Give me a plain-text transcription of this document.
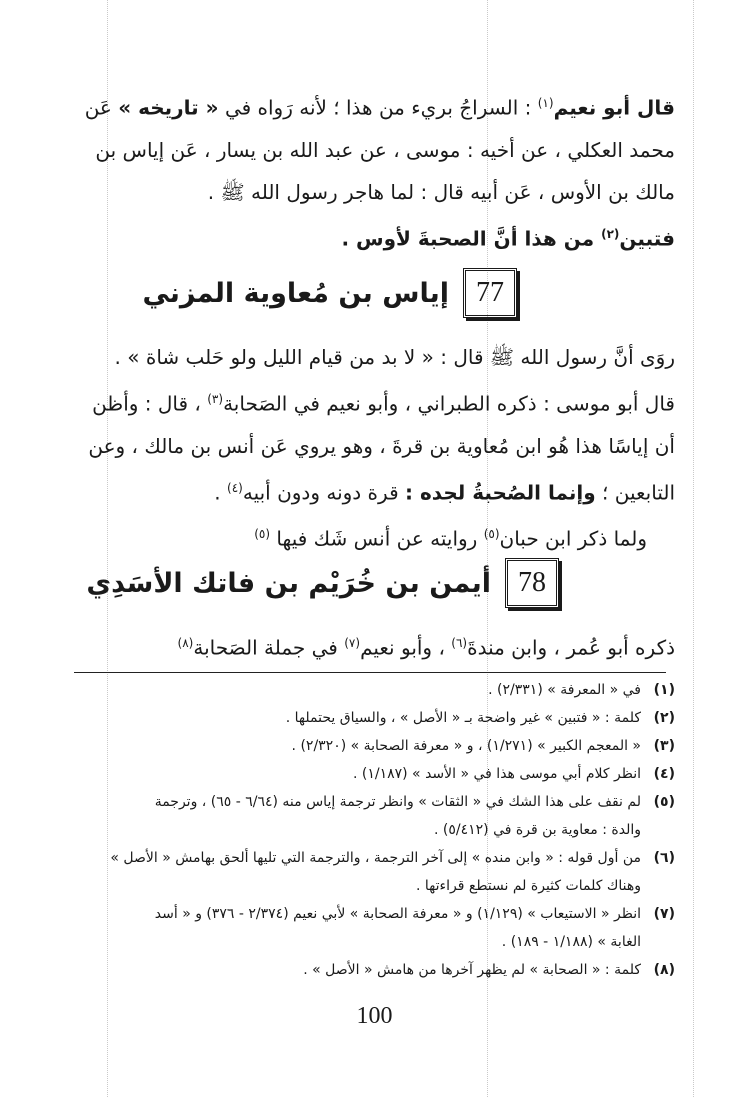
قال أبو نعيم$^{(١)}$ : السراجُ بريء من هذا ؛ لأنه رَواه في « تاريخه » عَن
محمد العكلي ، عن أخيه : موسى ، عن عبد الله بن يسار ، عَن إياس بن
مالك بن الأوس ، عَن أبيه قال : لما هاجر رسول الله ﷺ .
فتبين$^{(٢)}$ من هذا أنَّ الصحبةَ لأوس .
77
إياس بن مُعاوية المزني
روَى أنَّ رسول الله ﷺ قال : « لا بد من قيام الليل ولو حَلب شاة » .
قال أبو موسى : ذكره الطبراني ، وأبو نعيم في الصَحابة$^{(٣)}$ ، قال : وأظن
أن إياسًا هذا هُو ابن مُعاوية بن قرةَ ، وهو يروي عَن أنس بن مالك ، وعن
التابعين ؛ وإنما الصُحبةُ لجده : قرة دونه ودون أبيه$^{(٤)}$ .
ولما ذكر ابن حبان$^{(٥)}$ روايته عن أنس شَك فيها $^{(٥)}$
78
أيمن بن خُرَيْم بن فاتك الأسَدِي
ذكره أبو عُمر ، وابن مندةَ$^{(٦)}$ ، وأبو نعيم$^{(٧)}$ في جملة الصَحابة$^{(٨)}$
(١)
في « المعرفة » (٢/٣٣١) .
(٢)
كلمة : « فتبين » غير واضحة بـ « الأصل » ، والسياق يحتملها .
(٣)
« المعجم الكبير » (١/٢٧١) ، و « معرفة الصحابة » (٢/٣٢٠) .
(٤)
انظر كلام أبي موسى هذا في « الأسد » (١/١٨٧) .
(٥)
لم نقف على هذا الشك في « الثقات » وانظر ترجمة إياس منه (٦/٦٤ - ٦٥) ، وترجمة
والدة : معاوية بن قرة في (٥/٤١٢) .
(٦)
من أول قوله : « وابن منده » إلى آخر الترجمة ، والترجمة التي تليها ألحق بهامش « الأصل »
وهناك كلمات كثيرة لم نستطع قراءتها .
(٧)
انظر « الاستيعاب » (١/١٢٩) و « معرفة الصحابة » لأبي نعيم (٢/٣٧٤ - ٣٧٦) و « أسد
الغابة » (١/١٨٨ - ١٨٩) .
(٨)
كلمة : « الصحابة » لم يظهر آخرها من هامش « الأصل » .
100
